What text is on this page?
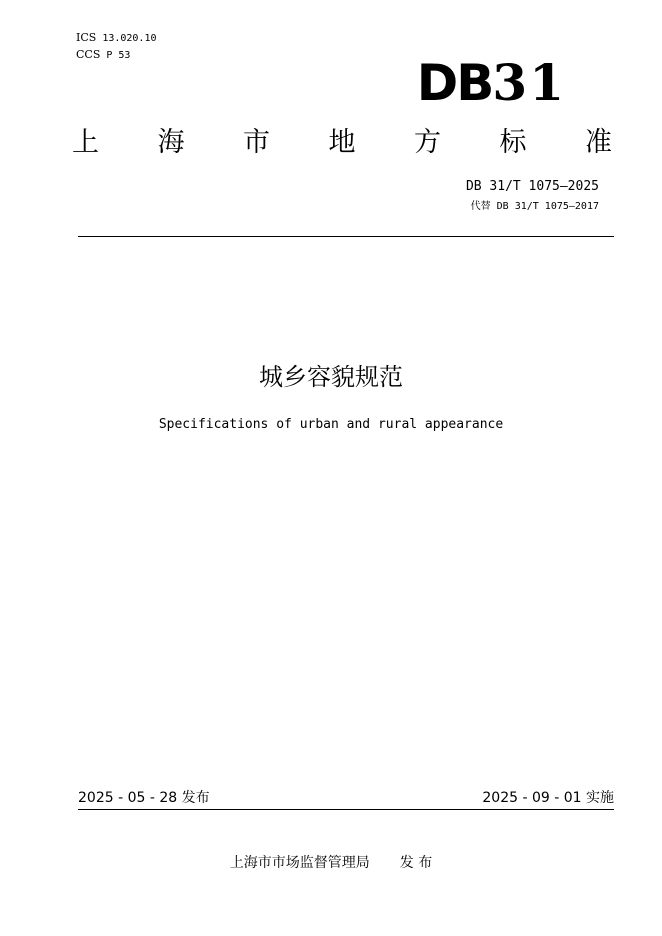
ICS 13.020.10
CCS P 53	DB31
上 海 市 地 方 标 准
DB 31/T 1075—2025
代替 DB 31/T 1075—2017
城乡容貌规范
Specifications of urban and rural appearance
2025 - 05 - 28 发布	2025 - 09 - 01 实施
上海市市场监督管理局 发 布
